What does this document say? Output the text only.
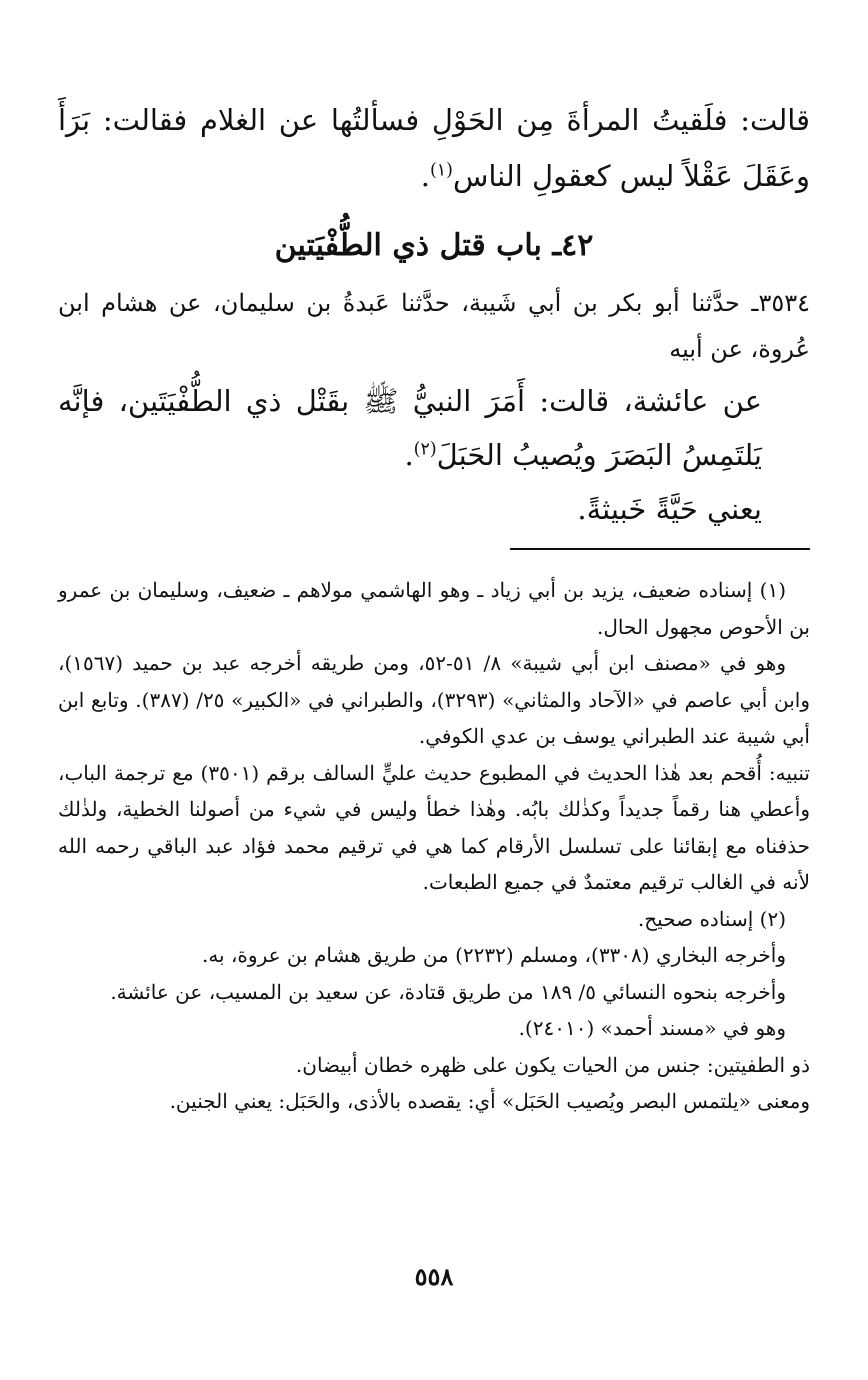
قالت: فلَقيتُ المرأةَ مِن الحَوْلِ فسألتُها عن الغلام فقالت: بَرَأَ وعَقَلَ عَقْلاً ليس كعقولِ الناس$^{(١)}$.
٤٢ـ باب قتل ذي الطُّفْيَتين
٣٥٣٤ـ حدَّثنا أبو بكر بن أبي شَيبة، حدَّثنا عَبدةُ بن سليمان، عن هشام ابن عُروة، عن أبيه
عن عائشة، قالت: أَمَرَ النبيُّ ﷺ بقَتْل ذي الطُّفْيَتَين، فإنَّه يَلتَمِسُ البَصَرَ ويُصيبُ الحَبَلَ$^{(٢)}$.
يعني حَيَّةً خَبيثةً.

(١) إسناده ضعيف، يزيد بن أبي زياد ـ وهو الهاشمي مولاهم ـ ضعيف، وسليمان بن عمرو بن الأحوص مجهول الحال.

وهو في «مصنف ابن أبي شيبة» ٨/ ٥١-٥٢، ومن طريقه أخرجه عبد بن حميد (١٥٦٧)، وابن أبي عاصم في «الآحاد والمثاني» (٣٢٩٣)، والطبراني في «الكبير» ٢٥/ (٣٨٧). وتابع ابن أبي شيبة عند الطبراني يوسف بن عدي الكوفي.

تنبيه: أُقحم بعد هٰذا الحديث في المطبوع حديث عليٍّ السالف برقم (٣٥٠١) مع ترجمة الباب، وأعطي هنا رقماً جديداً وكذٰلك بابُه. وهٰذا خطأ وليس في شيء من أصولنا الخطية، ولذٰلك حذفناه مع إبقائنا على تسلسل الأرقام كما هي في ترقيم محمد فؤاد عبد الباقي رحمه الله لأنه في الغالب ترقيم معتمدٌ في جميع الطبعات.

(٢) إسناده صحيح.

وأخرجه البخاري (٣٣٠٨)، ومسلم (٢٢٣٢) من طريق هشام بن عروة، به.

وأخرجه بنحوه النسائي ٥/ ١٨٩ من طريق قتادة، عن سعيد بن المسيب، عن عائشة.

وهو في «مسند أحمد» (٢٤٠١٠).

ذو الطفيتين: جنس من الحيات يكون على ظهره خطان أبيضان.

ومعنى «يلتمس البصر ويُصيب الحَبَل» أي: يقصده بالأذى، والحَبَل: يعني الجنين.

٥٥٨
